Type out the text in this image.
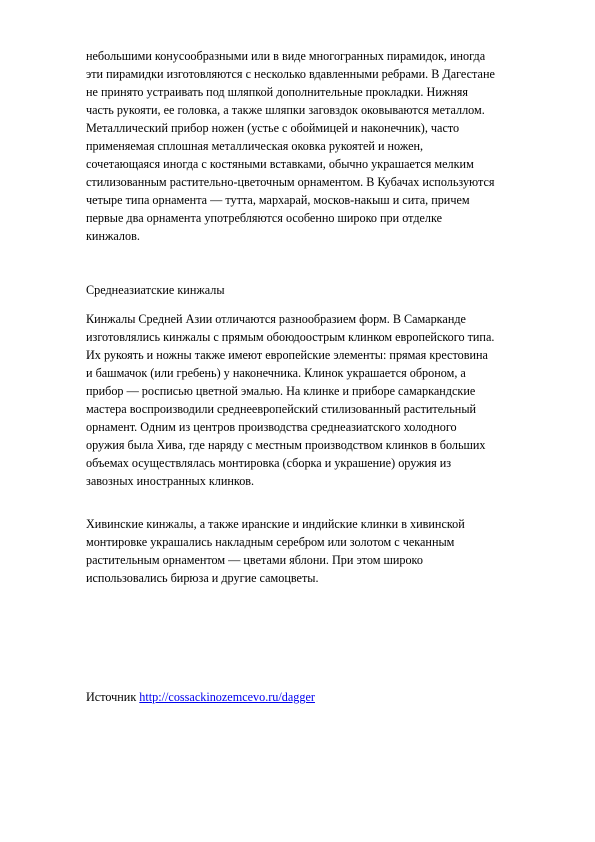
небольшими конусообразными или в виде многогранных пирамидок, иногда
эти пирамидки изготовляются с несколько вдавленными ребрами. В Дагестане
не принято устраивать под шляпкой дополнительные прокладки. Нижняя
часть рукояти, ее головка, а также шляпки заговздок оковываются металлом.
Металлический прибор ножен (устье с обоймицей и наконечник), часто
применяемая сплошная металлическая оковка рукоятей и ножен,
сочетающаяся иногда с костяными вставками, обычно украшается мелким
стилизованным растительно-цветочным орнаментом. В Кубачах используются
четыре типа орнамента — тутта, мархарай, москов-накыш и сита, причем
первые два орнамента употребляются особенно широко при отделке
кинжалов.
Среднеазиатские кинжалы
Кинжалы Средней Азии отличаются разнообразием форм. В Самарканде
изготовлялись кинжалы с прямым обоюдоострым клинком европейского типа.
Их рукоять и ножны также имеют европейские элементы: прямая крестовина
и башмачок (или гребень) у наконечника. Клинок украшается оброном, а
прибор — росписью цветной эмалью. На клинке и приборе самаркандские
мастера воспроизводили среднеевропейский стилизованный растительный
орнамент. Одним из центров производства среднеазиатского холодного
оружия была Хива, где наряду с местным производством клинков в больших
объемах осуществлялась монтировка (сборка и украшение) оружия из
завозных иностранных клинков.
Хивинские кинжалы, а также иранские и индийские клинки в хивинской
монтировке украшались накладным серебром или золотом с чеканным
растительным орнаментом — цветами яблони. При этом широко
использовались бирюза и другие самоцветы.
Источник http://cossackinozemcevo.ru/dagger
